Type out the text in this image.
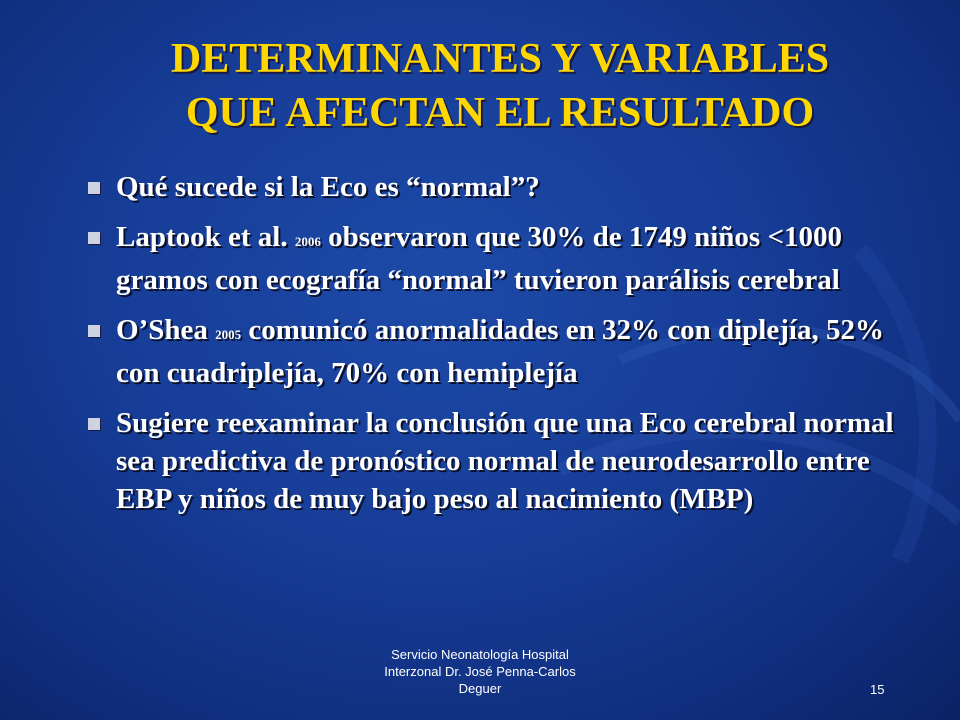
DETERMINANTES Y VARIABLES
QUE AFECTAN EL RESULTADO
Qué sucede si la Eco es “normal”?
Laptook et al. 2006 observaron que 30% de 1749 niños <1000 gramos con ecografía “normal” tuvieron parálisis cerebral
O’Shea 2005 comunicó anormalidades en 32% con diplejía, 52% con cuadriplejía, 70% con hemiplejía
Sugiere reexaminar la conclusión que una Eco cerebral normal sea predictiva de pronóstico normal de neurodesarrollo entre EBP y niños de muy bajo peso al nacimiento (MBP)
Servicio Neonatología Hospital
Interzonal Dr. José Penna-Carlos
Deguer	15
